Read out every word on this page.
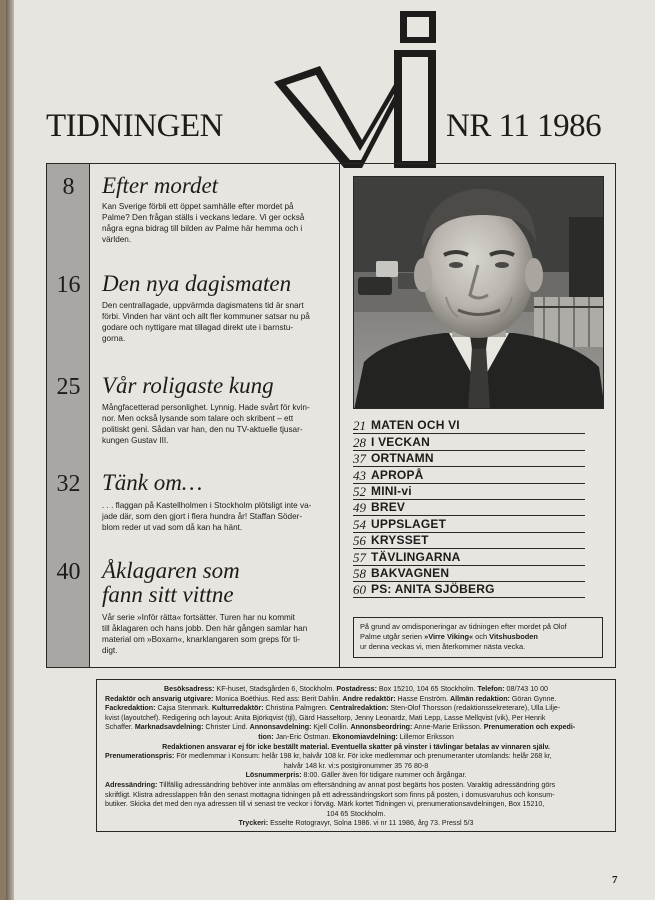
TIDNINGEN	NR 11 1986
8	Efter mordet
Kan Sverige förbli ett öppet samhälle efter mordet på
Palme? Den frågan ställs i veckans ledare. Vi ger också
några egna bidrag till bilden av Palme här hemma och i
världen.
16 Den nya dagismaten
Den centrallagade, uppvärmda dagismatens tid är snart
förbi. Vinden har vänt och allt fler kommuner satsar nu på
godare och nyttigare mat tillagad direkt ute i barnstu-
gorna.
25 Vår roligaste kung
Mångfacetterad personlighet. Lynnig. Hade svårt för kvin-
nor. Men också lysande som talare och skribent – ett
politiskt geni. Sådan var han, den nu TV-aktuelle tjusar-
kungen Gustav III.
32 Tänk om…
. . . flaggan på Kastellholmen i Stockholm plötsligt inte va-
jade där, som den gjort i flera hundra år! Staffan Söder-
blom reder ut vad som då kan ha hänt.
40 Åklagaren som
fann sitt vittne
Vår serie »Inför rätta« fortsätter. Turen har nu kommit
till åklagaren och hans jobb. Den här gången samlar han
material om »Boxarn«, knarklangaren som greps för ti-
digt.
21 MATEN OCH VI
28 I VECKAN
37 ORTNAMN
43 APROPÅ
52 MINI-vi
49 BREV
54 UPPSLAGET
56 KRYSSET
57 TÄVLINGARNA
58 BAKVAGNEN
60 PS: ANITA SJÖBERG
På grund av omdisponeringar av tidningen efter mordet på Olof
Palme utgår serien »Virre Viking« och Vitshusboden
ur denna veckas vi, men återkommer nästa vecka.

Besöksadress: KF-huset, Stadsgården 6, Stockholm. Postadress: Box 15210, 104 65 Stockholm. Telefon: 08/743 10 00

Redaktör och ansvarig utgivare: Monica Boëthius. Red ass: Berit Dahlin. Andre redaktör: Hasse Enström. Allmän redaktion: Göran Gynne.

Fackredaktion: Cajsa Stenmark. Kulturredaktör: Christina Palmgren. Centralredaktion: Sten-Olof Thorsson (redaktionssekreterare), Ulla Lilje-

kvist (layoutchef). Redigering och layout: Anita Björkqvist (tjl), Gärd Hasseltorp, Jenny Leonardz, Mati Lepp, Lasse Mellqvist (vik), Per Henrik

Schaffer. Marknadsavdelning: Christer Lind. Annonsavdelning: Kjell Collin. Annonsbeordring: Anne-Marie Eriksson. Prenumeration och expedi-

tion: Jan-Eric Östman. Ekonomiavdelning: Lillemor Eriksson

Redaktionen ansvarar ej för icke beställt material. Eventuella skatter på vinster i tävlingar betalas av vinnaren själv.

Prenumerationspris: För medlemmar i Konsum: helår 198 kr, halvår 108 kr. För icke medlemmar och prenumeranter utomlands: helår 268 kr,

halvår 148 kr. vi:s postgironummer 35 76 80-8

Lösnummerpris: 8:00. Gäller även för tidigare nummer och årgångar.

Adressändring: Tillfällig adressändring behöver inte anmälas om eftersändning av annat post begärts hos posten. Varaktig adressändring görs

skriftligt. Klistra adresslappen från den senast mottagna tidningen på ett adressändringskort som finns på posten, i domusvaruhus och konsum-

butiker. Skicka det med den nya adressen till vi senast tre veckor i förväg. Märk kortet Tidningen vi, prenumerationsavdelningen, Box 15210,

104 65 Stockholm.

Tryckeri: Esselte Rotogravyr, Solna 1986. vi nr 11 1986, årg 73. Pressl 5/3

7
